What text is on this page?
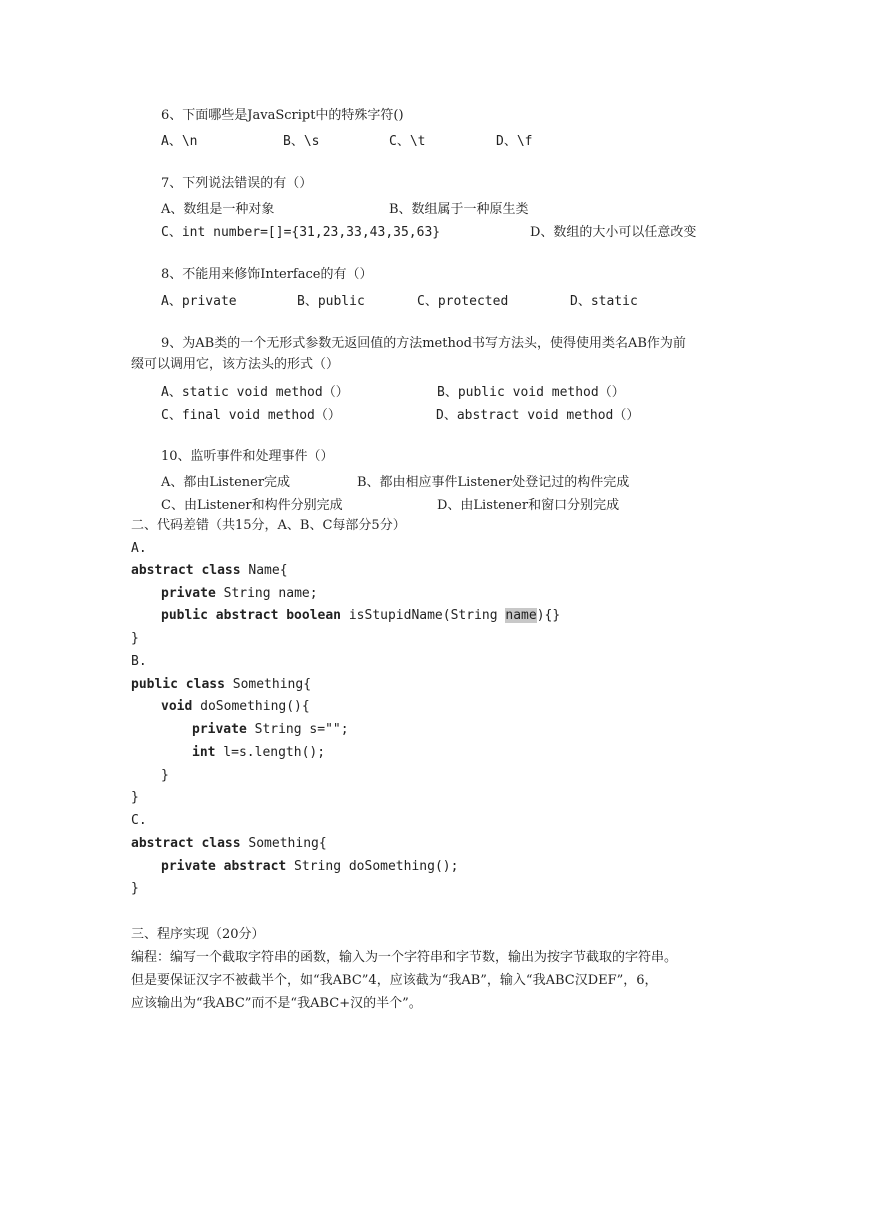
6、下面哪些是JavaScript中的特殊字符()
A、\n	B、\s	C、\t	D、\f
7、下列说法错误的有（）
A、数组是一种对象	B、数组属于一种原生类
C、int number=[]={31,23,33,43,35,63}	D、数组的大小可以任意改变
8、不能用来修饰Interface的有（）
A、private	B、public	C、protected	D、static
9、为AB类的一个无形式参数无返回值的方法method书写方法头，使得使用类名AB作为前
缀可以调用它，该方法头的形式（）
A、static void method（）	B、public void method（）
C、final void method（）	D、abstract void method（）
10、监听事件和处理事件（）
A、都由Listener完成	B、都由相应事件Listener处登记过的构件完成
C、由Listener和构件分别完成	D、由Listener和窗口分别完成
二、代码差错（共15分，A、B、C每部分5分）
A.
abstract class Name{
private String name;
public abstract boolean isStupidName(String name){}
}
B.
public class Something{
void doSomething(){
private String s="";
int l=s.length();
}
}
C.
abstract class Something{
private abstract String doSomething();
}
三、程序实现（20分）
编程：编写一个截取字符串的函数，输入为一个字符串和字节数，输出为按字节截取的字符串。
但是要保证汉字不被截半个，如“我ABC”4，应该截为“我AB”，输入“我ABC汉DEF”，6，
应该输出为“我ABC”而不是“我ABC+汉的半个”。
